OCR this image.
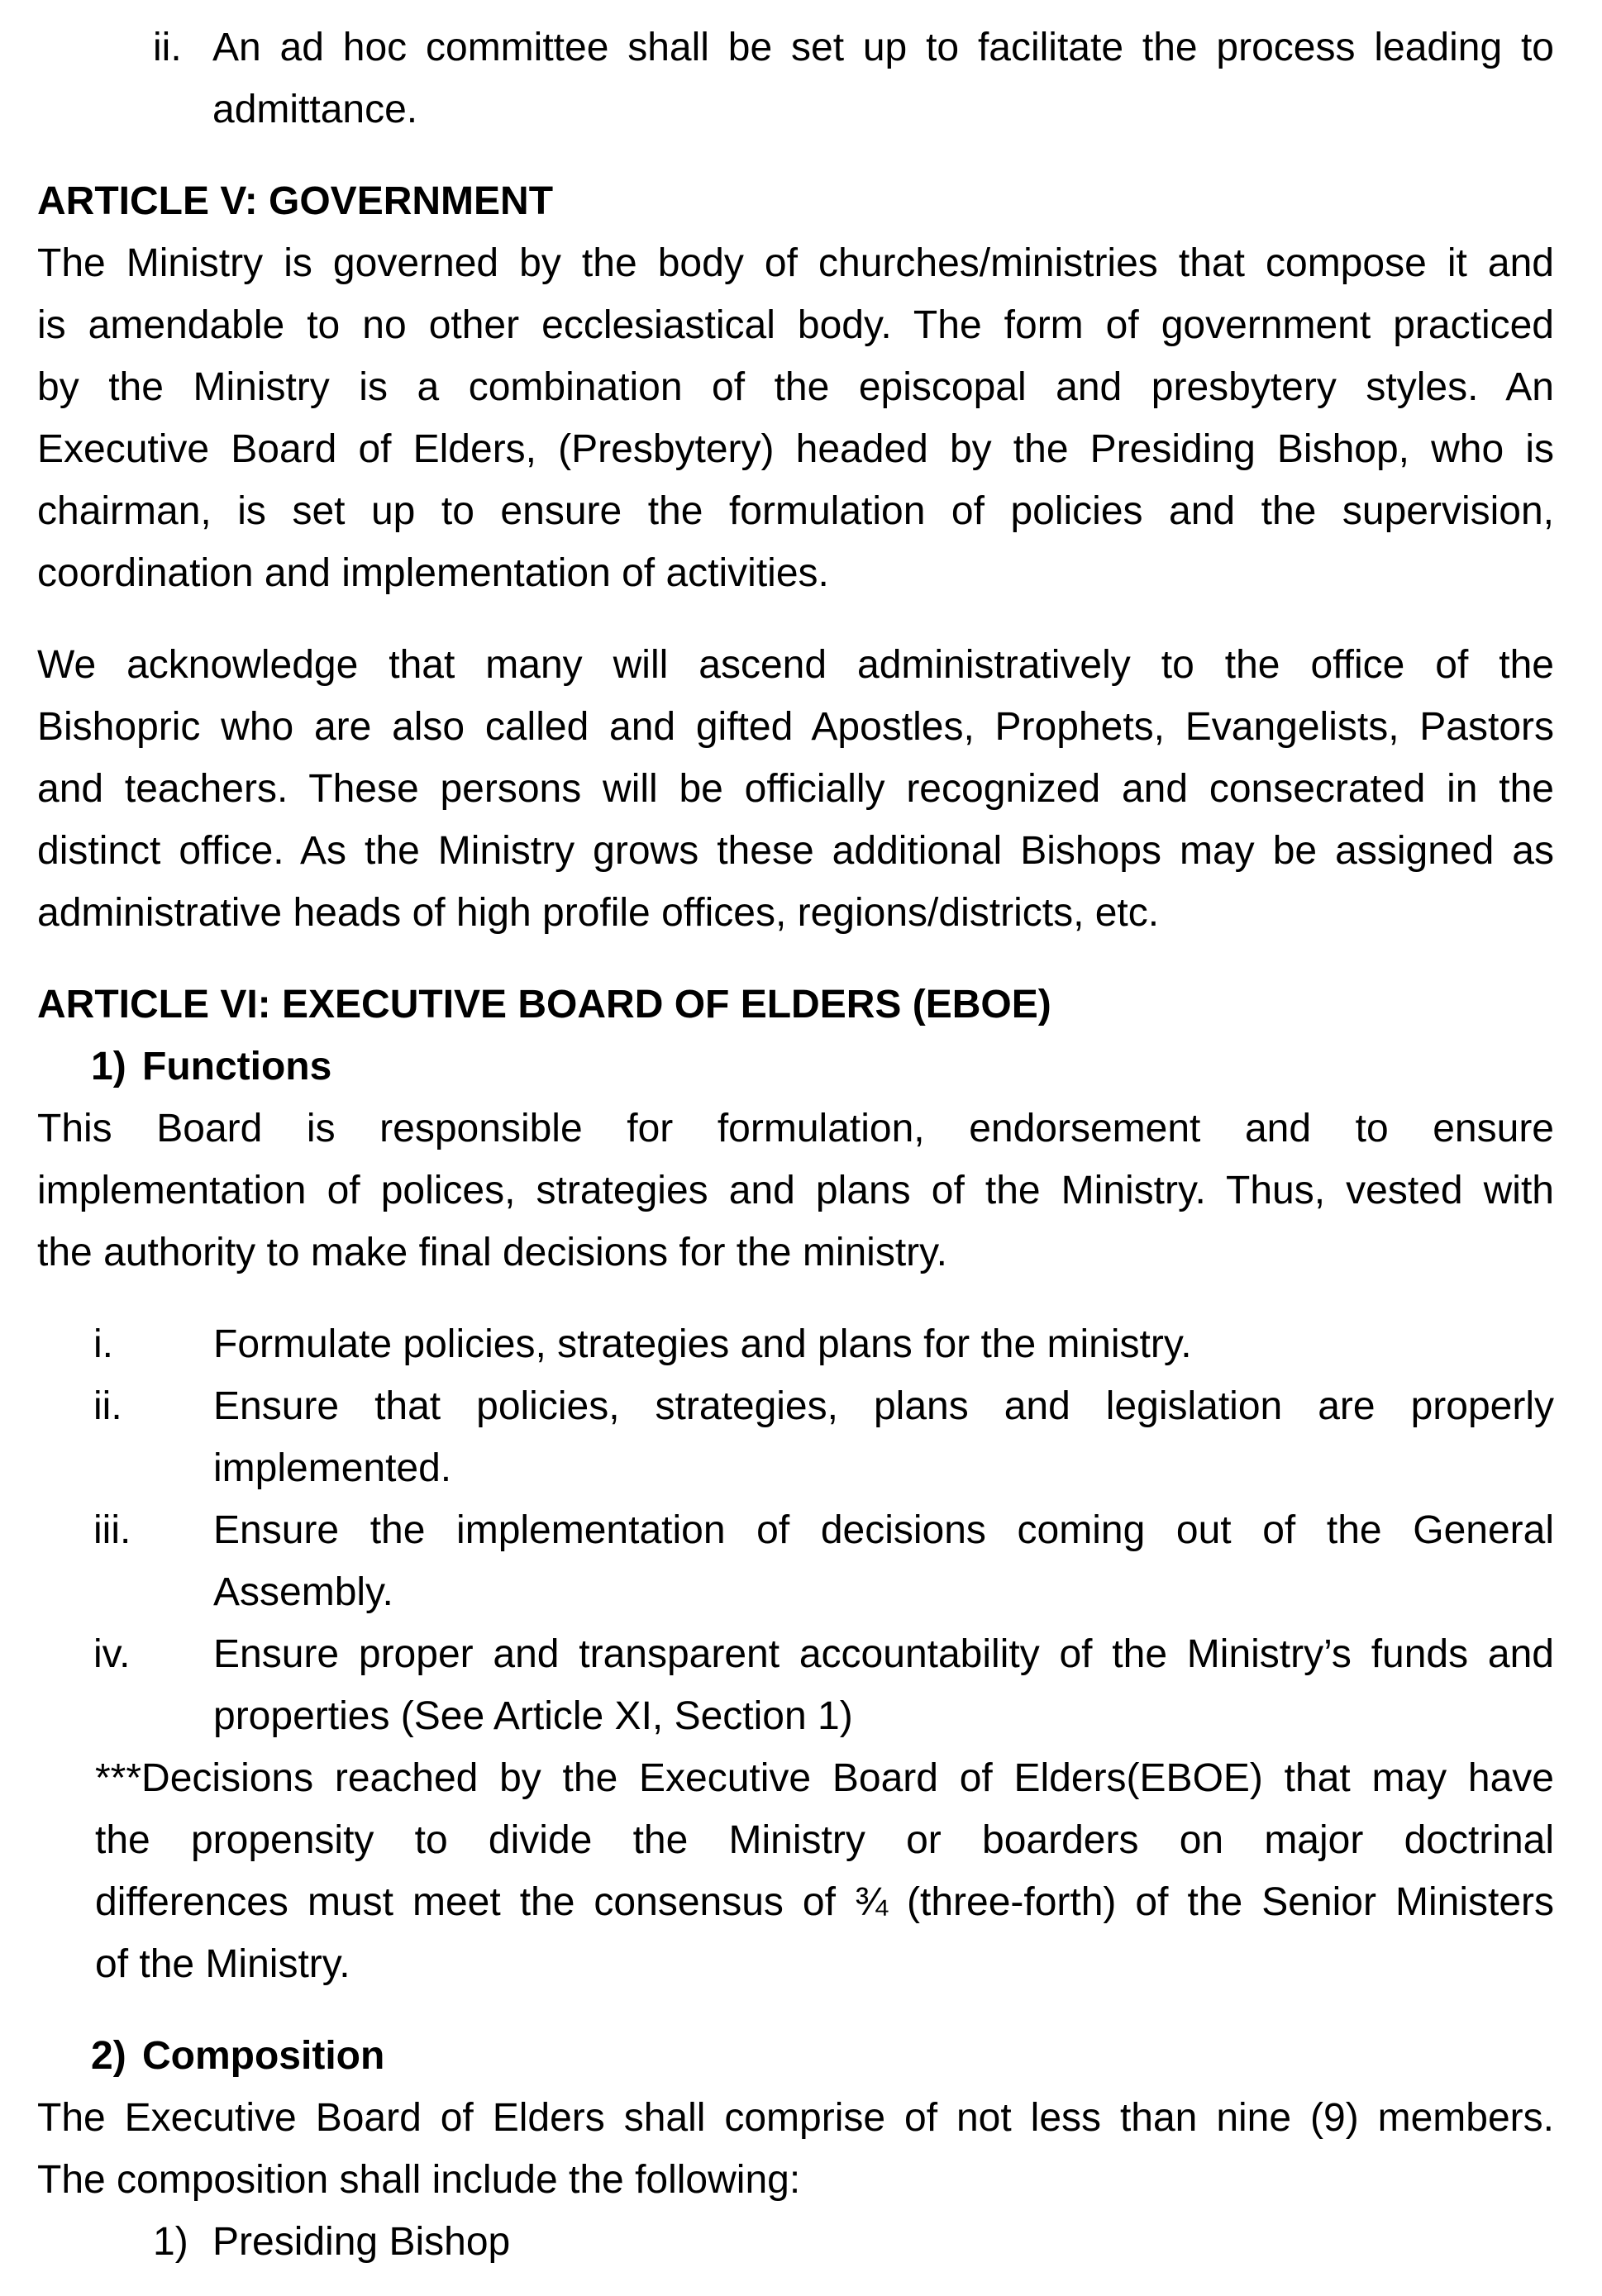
ii. An ad hoc committee shall be set up to facilitate the process leading to
admittance.
ARTICLE V: GOVERNMENT
The Ministry is governed by the body of churches/ministries that compose it and
is amendable to no other ecclesiastical body. The form of government practiced
by the Ministry is a combination of the episcopal and presbytery styles. An
Executive Board of Elders, (Presbytery) headed by the Presiding Bishop, who is
chairman, is set up to ensure the formulation of policies and the supervision,
coordination and implementation of activities.
We acknowledge that many will ascend administratively to the office of the
Bishopric who are also called and gifted Apostles, Prophets, Evangelists, Pastors
and teachers. These persons will be officially recognized and consecrated in the
distinct office. As the Ministry grows these additional Bishops may be assigned as
administrative heads of high profile offices, regions/districts, etc.
ARTICLE VI: EXECUTIVE BOARD OF ELDERS (EBOE)
1) Functions
This Board is responsible for formulation, endorsement and to ensure
implementation of polices, strategies and plans of the Ministry. Thus, vested with
the authority to make final decisions for the ministry.
i.	Formulate policies, strategies and plans for the ministry.
ii. Ensure that policies, strategies, plans and legislation are properly
implemented.
iii. Ensure the implementation of decisions coming out of the General
Assembly.
iv. Ensure proper and transparent accountability of the Ministry’s funds and
properties (See Article XI, Section 1)
***Decisions reached by the Executive Board of Elders(EBOE) that may have
the propensity to divide the Ministry or boarders on major doctrinal
differences must meet the consensus of ¾ (three-forth) of the Senior Ministers
of the Ministry.
2) Composition
The Executive Board of Elders shall comprise of not less than nine (9) members.
The composition shall include the following:
1) Presiding Bishop
